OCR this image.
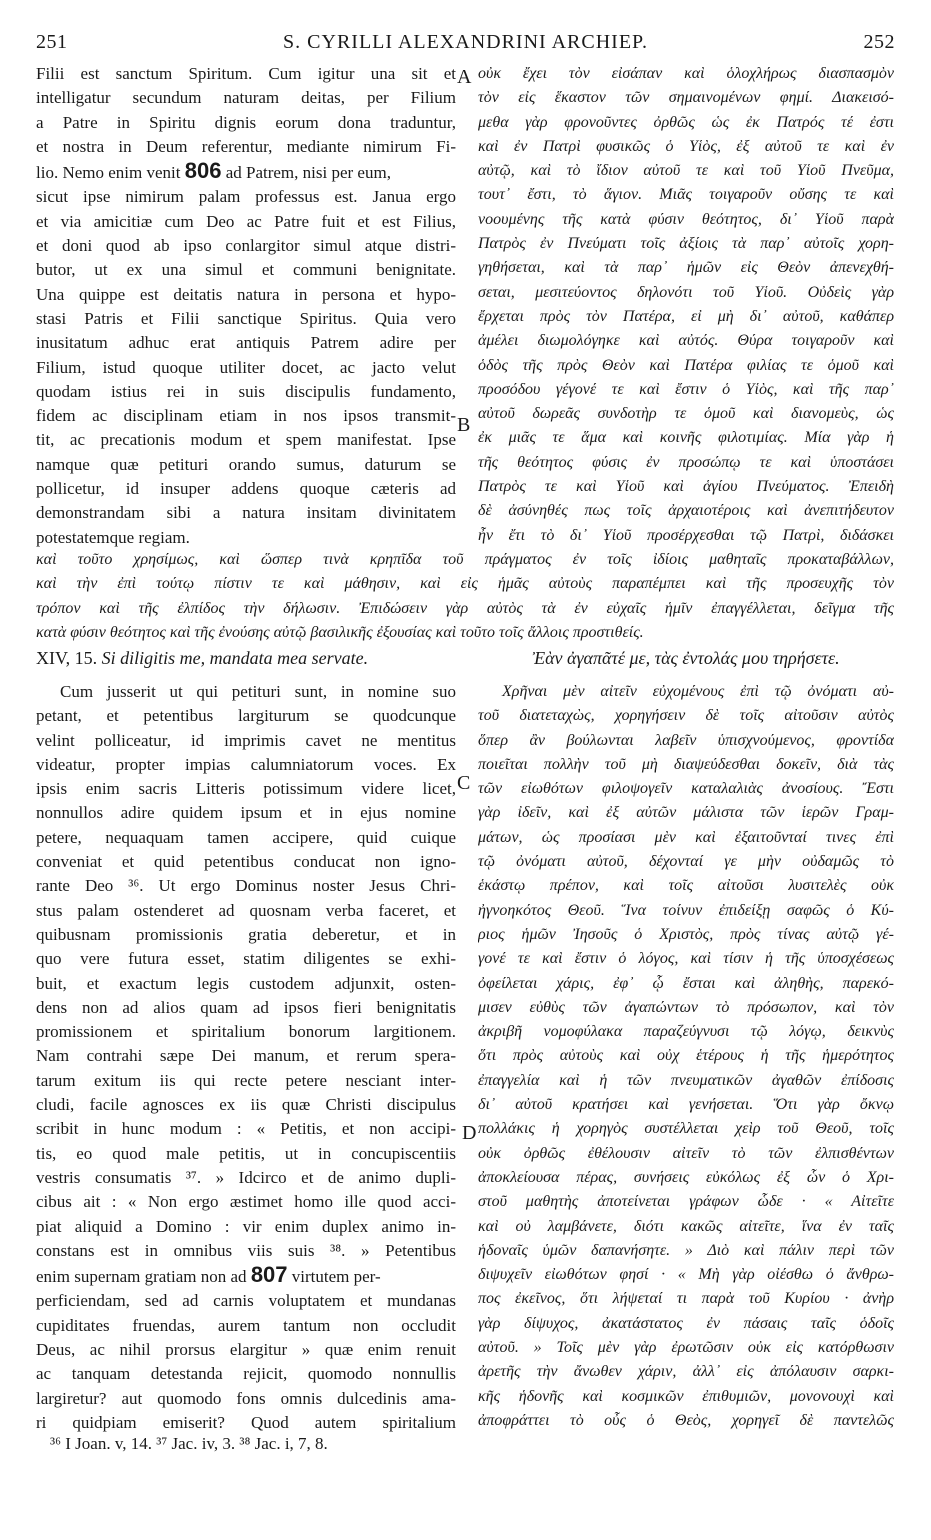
251	S. CYRILLI ALEXANDRINI ARCHIEP.	252
A
B
C
D
Filii est sanctum Spiritum. Cum igitur una sit et
intelligatur secundum naturam deitas, per Filium
a Patre in Spiritu dignis eorum dona traduntur,
et nostra in Deum referentur, mediante nimirum Fi-
lio. Nemo enim venit 806 ad Patrem, nisi per eum,
sicut ipse nimirum palam professus est. Janua ergo
et via amicitiæ cum Deo ac Patre fuit et est Filius,
et doni quod ab ipso conlargitor simul atque distri-
butor, ut ex una simul et communi benignitate.
Una quippe est deitatis natura in persona et hypo-
stasi Patris et Filii sanctique Spiritus. Quia vero
inusitatum adhuc erat antiquis Patrem adire per
Filium, istud quoque utiliter docet, ac jacto velut
quodam istius rei in suis discipulis fundamento,
fidem ac disciplinam etiam in nos ipsos transmit-
tit, ac precationis modum et spem manifestat. Ipse
namque quæ petituri orando sumus, daturum se
pollicetur, id insuper addens quoque cæteris ad
demonstrandam sibi a natura insitam divinitatem
potestatemque regiam.
οὐκ ἔχει τὸν εἰσάπαν καὶ ὁλοχλήρως διασπασμὸν
τὸν εἰς ἕκαστον τῶν σημαινομένων φημί. Διακεισό-
μεθα γὰρ φρονοῦντες ὀρθῶς ὡς ἐκ Πατρός τέ ἐστι
καὶ ἐν Πατρὶ φυσικῶς ὁ Υἱὸς, ἐξ αὐτοῦ τε καὶ ἐν
αὐτῷ, καὶ τὸ ἴδιον αὐτοῦ τε καὶ τοῦ Υἱοῦ Πνεῦμα,
τουτ᾽ ἔστι, τὸ ἅγιον. Μιᾶς τοιγαροῦν οὔσης τε καὶ
νοουμένης τῆς κατὰ φύσιν θεότητος, δι᾽ Υἱοῦ παρὰ
Πατρὸς ἐν Πνεύματι τοῖς ἀξίοις τὰ παρ᾽ αὐτοῖς χορη-
γηθήσεται, καὶ τὰ παρ᾽ ἡμῶν εἰς Θεὸν ἀπενεχθή-
σεται, μεσιτεύοντος δηλονότι τοῦ Υἱοῦ. Οὐδεὶς γὰρ
ἔρχεται πρὸς τὸν Πατέρα, εἰ μὴ δι᾽ αὐτοῦ, καθάπερ
ἀμέλει διωμολόγηκε καὶ αὐτός. Θύρα τοιγαροῦν καὶ
ὁδὸς τῆς πρὸς Θεὸν καὶ Πατέρα φιλίας τε ὁμοῦ καὶ
προσόδου γέγονέ τε καὶ ἔστιν ὁ Υἱὸς, καὶ τῆς παρ᾽
αὐτοῦ δωρεᾶς συνδοτὴρ τε ὁμοῦ καὶ διανομεὺς, ὡς
ἐκ μιᾶς τε ἅμα καὶ κοινῆς φιλοτιμίας. Μία γὰρ ἡ
τῆς θεότητος φύσις ἐν προσώπῳ τε καὶ ὑποστάσει
Πατρὸς τε καὶ Υἱοῦ καὶ ἁγίου Πνεύματος. Ἐπειδὴ
δὲ ἀσύνηθές πως τοῖς ἀρχαιοτέροις καὶ ἀνεπιτήδευτον
ἦν ἔτι τὸ δι᾽ Υἱοῦ προσέρχεσθαι τῷ Πατρὶ, διδάσκει
καὶ τοῦτο χρησίμως, καὶ ὥσπερ τινὰ κρηπῖδα τοῦ πράγματος ἐν τοῖς ἰδίοις μαθηταῖς προκαταβάλλων,
καὶ τὴν ἐπὶ τούτῳ πίστιν τε καὶ μάθησιν, καὶ εἰς ἡμᾶς αὐτοὺς παραπέμπει καὶ τῆς προσευχῆς τὸν
τρόπον καὶ τῆς ἐλπίδος τὴν δήλωσιν. Ἐπιδώσειν γὰρ αὐτὸς τὰ ἐν εὐχαῖς ἡμῖν ἐπαγγέλλεται, δεῖγμα τῆς
κατὰ φύσιν θεότητος καὶ τῆς ἐνούσης αὐτῷ βασιλικῆς ἐξουσίας καὶ τοῦτο τοῖς ἄλλοις προστιθείς.
XIV, 15. Si diligitis me, mandata mea servate.	Ἐὰν ἀγαπᾶτέ με, τὰς ἐντολάς μου τηρήσετε.
Cum jusserit ut qui petituri sunt, in nomine suo
petant, et petentibus largiturum se quodcunque
velint polliceatur, id imprimis cavet ne mentitus
videatur, propter impias calumniatorum voces. Ex
ipsis enim sacris Litteris potissimum videre licet,
nonnullos adire quidem ipsum et in ejus nomine
petere, nequaquam tamen accipere, quid cuique
conveniat et quid petentibus conducat non igno-
rante Deo ³⁶. Ut ergo Dominus noster Jesus Chri-
stus palam ostenderet ad quosnam verba faceret, et
quibusnam promissionis gratia deberetur, et in
quo vere futura esset, statim diligentes se exhi-
buit, et exactum legis custodem adjunxit, osten-
dens non ad alios quam ad ipsos fieri benignitatis
promissionem et spiritalium bonorum largitionem.
Nam contrahi sæpe Dei manum, et rerum spera-
tarum exitum iis qui recte petere nesciant inter-
cludi, facile agnosces ex iis quæ Christi discipulus
scribit in hunc modum : « Petitis, et non accipi-
tis, eo quod male petitis, ut in concupiscentiis
vestris consumatis ³⁷. » Idcirco et de animo dupli-
cibus ait : « Non ergo æstimet homo ille quod acci-
piat aliquid a Domino : vir enim duplex animo in-
constans est in omnibus viis suis ³⁸. » Petentibus
enim supernam gratiam non ad 807 virtutem per-
perficiendam, sed ad carnis voluptatem et mundanas
cupiditates fruendas, aurem tantum non occludit
Deus, ac nihil prorsus elargitur » quæ enim renuit
ac tanquam detestanda rejicit, quomodo nonnullis
largiretur? aut quomodo fons omnis dulcedinis ama-
ri quidpiam emiserit? Quod autem spiritalium
Χρῆναι μὲν αἰτεῖν εὐχομένους ἐπὶ τῷ ὀνόματι αὐ-
τοῦ διατεταχὼς, χορηγήσειν δὲ τοῖς αἰτοῦσιν αὐτὸς
ὅπερ ἂν βούλωνται λαβεῖν ὑπισχνούμενος, φροντίδα
ποιεῖται πολλὴν τοῦ μὴ διαψεύδεσθαι δοκεῖν, διὰ τὰς
τῶν εἰωθότων φιλοψογεῖν καταλαλιὰς ἀνοσίους. Ἔστι
γὰρ ἰδεῖν, καὶ ἐξ αὐτῶν μάλιστα τῶν ἱερῶν Γραμ-
μάτων, ὡς προσίασι μὲν καὶ ἐξαιτοῦνταί τινες ἐπὶ
τῷ ὀνόματι αὐτοῦ, δέχονταί γε μὴν οὐδαμῶς τὸ
ἑκάστῳ πρέπον, καὶ τοῖς αἰτοῦσι λυσιτελὲς οὐκ
ἠγνοηκότος Θεοῦ. Ἵνα τοίνυν ἐπιδείξῃ σαφῶς ὁ Κύ-
ριος ἡμῶν Ἰησοῦς ὁ Χριστὸς, πρὸς τίνας αὐτῷ γέ-
γονέ τε καὶ ἔστιν ὁ λόγος, καὶ τίσιν ἡ τῆς ὑποσχέσεως
ὀφείλεται χάρις, ἐφ᾽ ᾧ ἔσται καὶ ἀληθὴς, παρεκό-
μισεν εὐθὺς τῶν ἀγαπώντων τὸ πρόσωπον, καὶ τὸν
ἀκριβῆ νομοφύλακα παραζεύγνυσι τῷ λόγῳ, δεικνὺς
ὅτι πρὸς αὐτοὺς καὶ οὐχ ἑτέρους ἡ τῆς ἡμερότητος
ἐπαγγελία καὶ ἡ τῶν πνευματικῶν ἀγαθῶν ἐπίδοσις
δι᾽ αὐτοῦ κρατήσει καὶ γενήσεται. Ὅτι γὰρ ὄκνῳ
πολλάκις ἡ χορηγὸς συστέλλεται χεὶρ τοῦ Θεοῦ, τοῖς
οὐκ ὀρθῶς ἐθέλουσιν αἰτεῖν τὸ τῶν ἐλπισθέντων
ἀποκλείουσα πέρας, συνήσεις εὐκόλως ἐξ ὧν ὁ Χρι-
στοῦ μαθητὴς ἀποτείνεται γράφων ὧδε · « Αἰτεῖτε
καὶ οὐ λαμβάνετε, διότι κακῶς αἰτεῖτε, ἵνα ἐν ταῖς
ἡδοναῖς ὑμῶν δαπανήσητε. » Διὸ καὶ πάλιν περὶ τῶν
διψυχεῖν εἰωθότων φησί · « Μὴ γὰρ οἰέσθω ὁ ἄνθρω-
πος ἐκεῖνος, ὅτι λήψεταί τι παρὰ τοῦ Κυρίου · ἀνὴρ
γὰρ δίψυχος, ἀκατάστατος ἐν πάσαις ταῖς ὁδοῖς
αὐτοῦ. » Τοῖς μὲν γὰρ ἐρωτῶσιν οὐκ εἰς κατόρθωσιν
ἀρετῆς τὴν ἄνωθεν χάριν, ἀλλ᾽ εἰς ἀπόλαυσιν σαρκι-
κῆς ἡδονῆς καὶ κοσμικῶν ἐπιθυμιῶν, μονονουχὶ καὶ
ἀποφράττει τὸ οὖς ὁ Θεὸς, χορηγεῖ δὲ παντελῶς
³⁶ I Joan. v, 14. ³⁷ Jac. iv, 3. ³⁸ Jac. i, 7, 8.
